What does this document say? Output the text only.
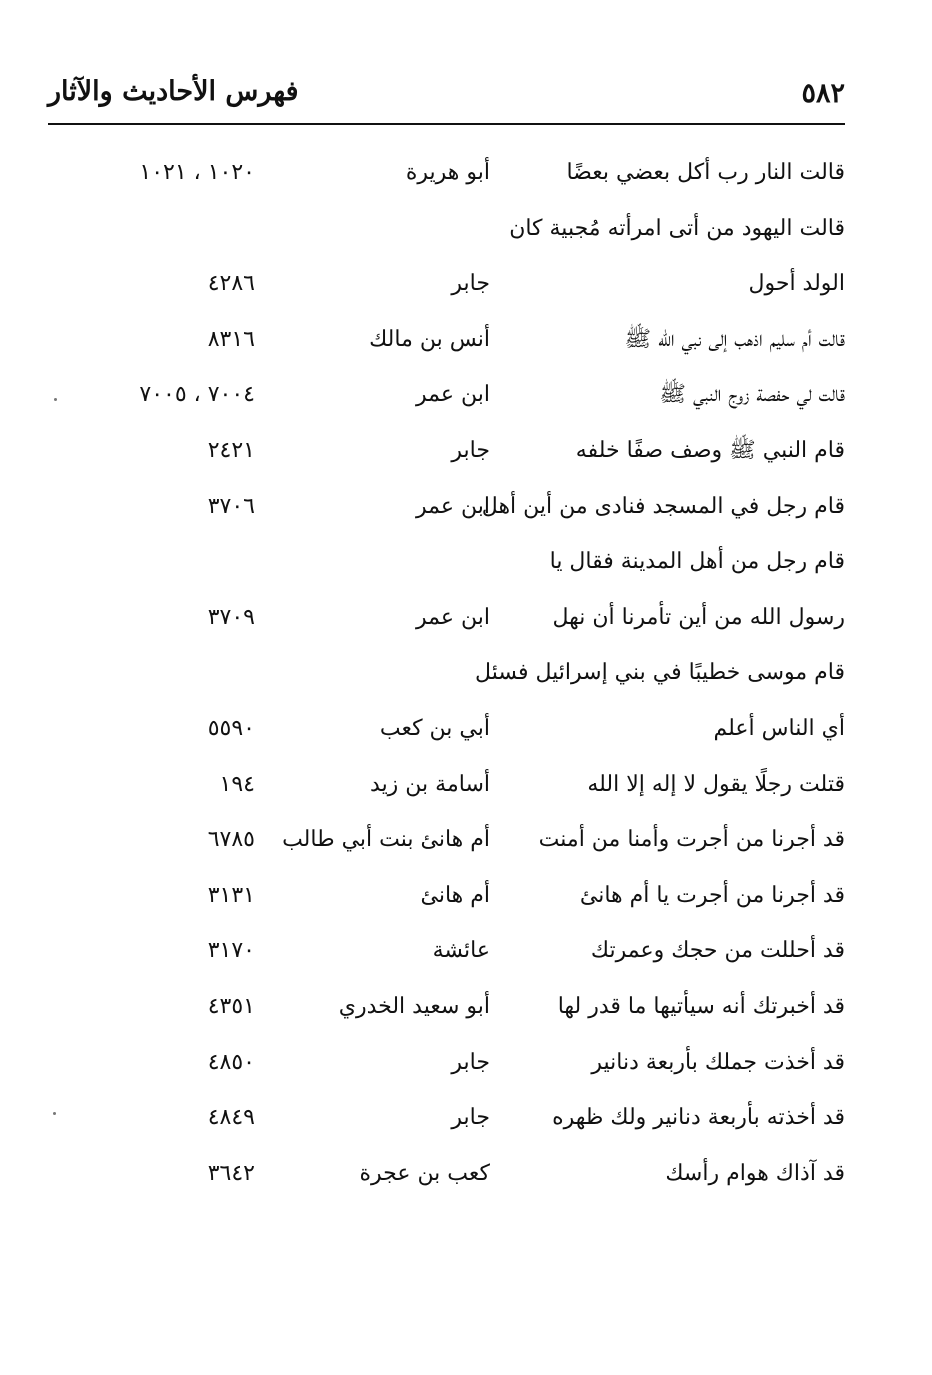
٥٨٢
فهرس الأحاديث والآثار
قالت النار رب أكل بعضي بعضًا
أبو هريرة
١٠٢٠ ، ١٠٢١
قالت اليهود من أتى امرأته مُجبية كان
الولد أحول
جابر
٤٢٨٦
قالت أم سليم اذهب إلى نبي الله ﷺ
أنس بن مالك
٨٣١٦
قالت لي حفصة زوج النبي ﷺ
ابن عمر
٧٠٠٤ ، ٧٠٠٥
قام النبي ﷺ وصف صفًا خلفه
جابر
٢٤٢١
قام رجل في المسجد فنادى من أين أهل
ابن عمر
٣٧٠٦
قام رجل من أهل المدينة فقال يا
رسول الله من أين تأمرنا أن نهل
ابن عمر
٣٧٠٩
قام موسى خطيبًا في بني إسرائيل فسئل
أي الناس أعلم
أبي بن كعب
٥٥٩٠
قتلت رجلًا يقول لا إله إلا الله
أسامة بن زيد
١٩٤
قد أجرنا من أجرت وأمنا من أمنت
أم هانئ بنت أبي طالب
٦٧٨٥
قد أجرنا من أجرت يا أم هانئ
أم هانئ
٣١٣١
قد أحللت من حجك وعمرتك
عائشة
٣١٧٠
قد أخبرتك أنه سيأتيها ما قدر لها
أبو سعيد الخدري
٤٣٥١
قد أخذت جملك بأربعة دنانير
جابر
٤٨٥٠
قد أخذته بأربعة دنانير ولك ظهره
جابر
٤٨٤٩
قد آذاك هوام رأسك
كعب بن عجرة
٣٦٤٢
